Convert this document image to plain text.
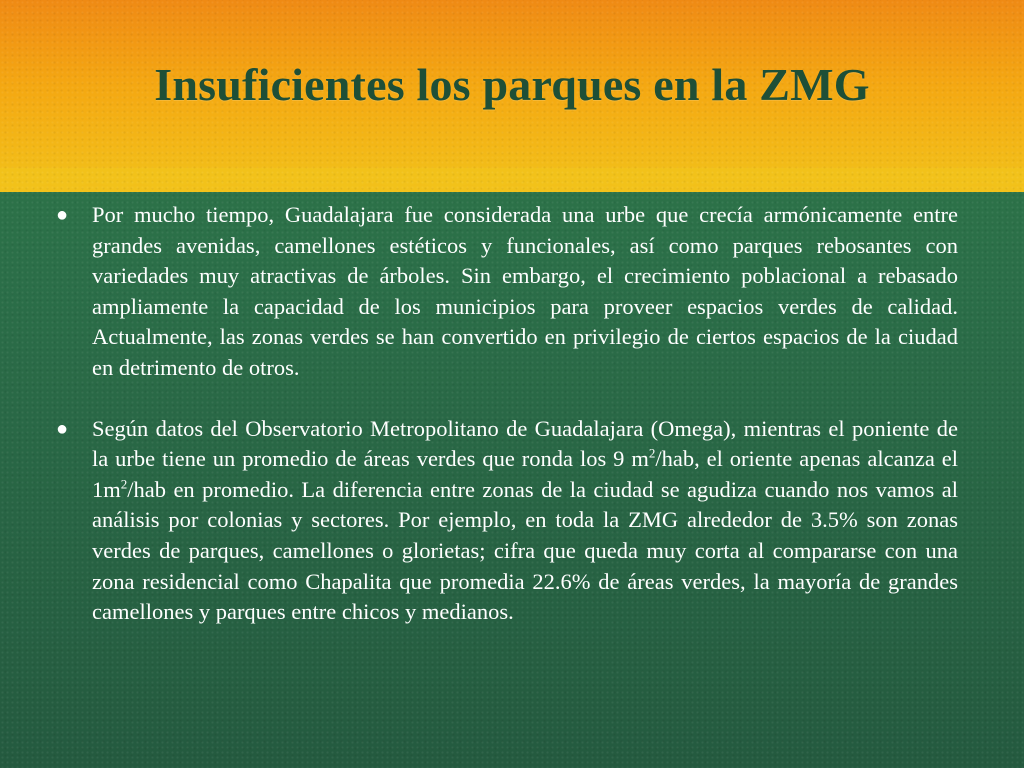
Insuficientes los parques en la ZMG

● Por mucho tiempo, Guadalajara fue considerada una urbe que crecía armónicamente entre grandes avenidas, camellones estéticos y funcionales, así como parques rebosantes con variedades muy atractivas de árboles. Sin embargo, el crecimiento poblacional a rebasado ampliamente la capacidad de los municipios para proveer espacios verdes de calidad. Actualmente, las zonas verdes se han convertido en privilegio de ciertos espacios de la ciudad en detrimento de otros.

● Según datos del Observatorio Metropolitano de Guadalajara (Omega), mientras el poniente de la urbe tiene un promedio de áreas verdes que ronda los 9 $m^2$/hab, el oriente apenas alcanza el $1m^2$/hab en promedio. La diferencia entre zonas de la ciudad se agudiza cuando nos vamos al análisis por colonias y sectores. Por ejemplo, en toda la ZMG alrededor de 3.5% son zonas verdes de parques, camellones o glorietas; cifra que queda muy corta al compararse con una zona residencial como Chapalita que promedia 22.6% de áreas verdes, la mayoría de grandes camellones y parques entre chicos y medianos.
